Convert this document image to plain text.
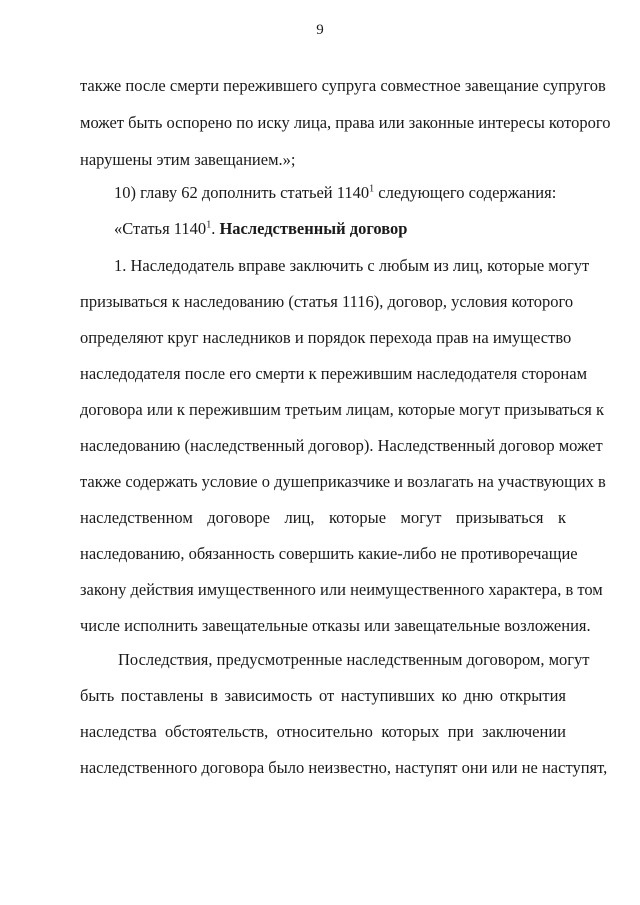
9
также после смерти пережившего супруга совместное завещание супругов
может быть оспорено по иску лица, права или законные интересы которого
нарушены этим завещанием.»;
10) главу 62 дополнить статьей 1140$^1$ следующего содержания:
«Статья 1140$^1$. Наследственный договор
1. Наследодатель вправе заключить с любым из лиц, которые могут
призываться к наследованию (статья 1116), договор, условия которого
определяют круг наследников и порядок перехода прав на имущество
наследодателя после его смерти к пережившим наследодателя сторонам
договора или к пережившим третьим лицам, которые могут призываться к
наследованию (наследственный договор). Наследственный договор может
также содержать условие о душеприказчике и возлагать на участвующих в
наследственном договоре лиц, которые могут призываться к
наследованию, обязанность совершить какие-либо не противоречащие
закону действия имущественного или неимущественного характера, в том
числе исполнить завещательные отказы или завещательные возложения.
Последствия, предусмотренные наследственным договором, могут
быть поставлены в зависимость от наступивших ко дню открытия
наследства обстоятельств, относительно которых при заключении
наследственного договора было неизвестно, наступят они или не наступят,
